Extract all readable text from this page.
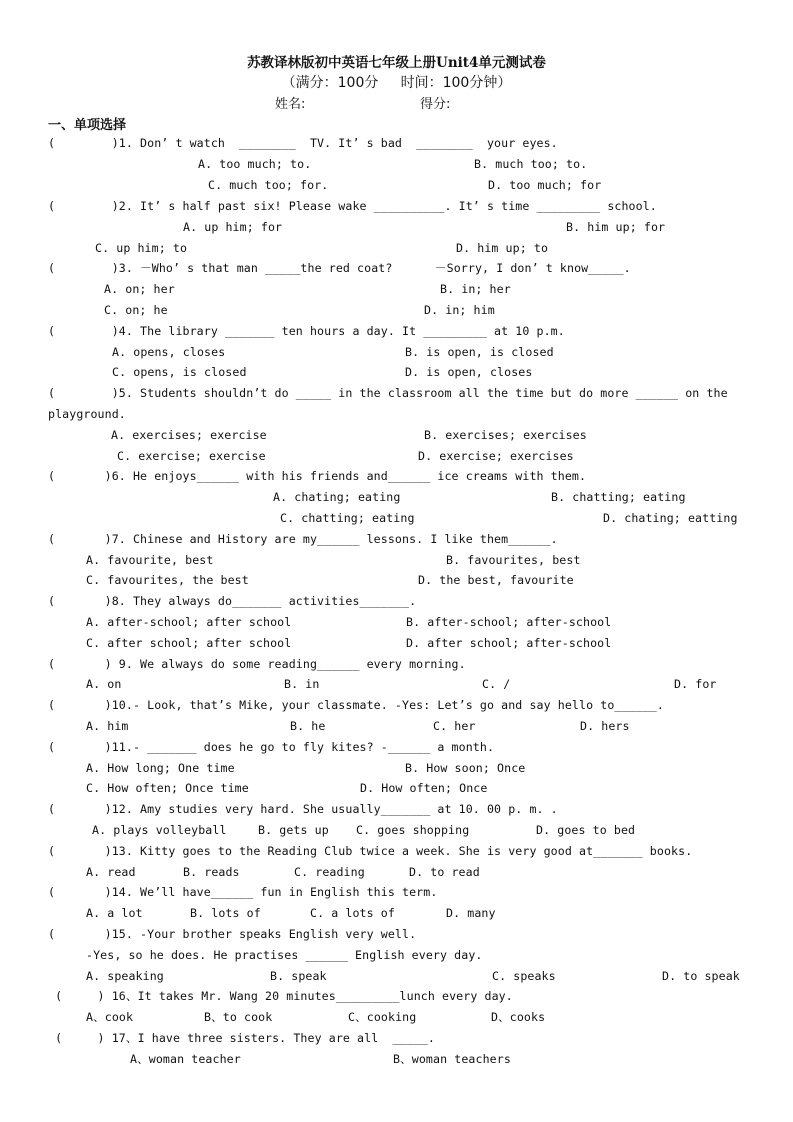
苏教译林版初中英语七年级上册Unit4单元测试卷
（满分：100分     时间：100分钟）
姓名:	得分:
一、单项选择
(        )1. Don’ t watch  ________  TV. It’ s bad  ________  your eyes.
A. too much; to.	B. much too; to.
C. much too; for.	D. too much; for
(        )2. It’ s half past six! Please wake __________. It’ s time _________ school.
A. up him; for	B. him up; for
C. up him; to	D. him up; to
(        )3. －Who’ s that man _____the red coat?      －Sorry, I don’ t know_____.
A. on; her	B. in; her
C. on; he	D. in; him
(        )4. The library _______ ten hours a day. It _________ at 10 p.m.
A. opens, closes	B. is open, is closed
C. opens, is closed	D. is open, closes
(        )5. Students shouldn’t do _____ in the classroom all the time but do more ______ on the
playground.
A. exercises; exercise	B. exercises; exercises
C. exercise; exercise	D. exercise; exercises
(       )6. He enjoys______ with his friends and______ ice creams with them.
A. chating; eating	B. chatting; eating
C. chatting; eating	D. chating; eatting
(       )7. Chinese and History are my______ lessons. I like them______.
A. favourite, best	B. favourites, best
C. favourites, the best	D. the best, favourite
(       )8. They always do_______ activities_______.
A. after-school; after school	B. after-school; after-school
C. after school; after school	D. after school; after-school
(       ) 9. We always do some reading______ every morning.
A. on	B. in	C. /	D. for
(       )10.- Look, that’s Mike, your classmate. -Yes: Let’s go and say hello to______.
A. him	B. he	C. her	D. hers
(       )11.- _______ does he go to fly kites? -______ a month.
A. How long; One time	B. How soon; Once
C. How often; Once time	D. How often; Once
(       )12. Amy studies very hard. She usually_______ at 10. 00 p. m. .
A. plays volleyball	B. gets up C. goes shopping	D. goes to bed
(       )13. Kitty goes to the Reading Club twice a week. She is very good at_______ books.
A. read	B. reads	C. reading	D. to read
(       )14. We’ll have______ fun in English this term.
A. a lot	B. lots of	C. a lots of	D. many
(       )15. -Your brother speaks English very well.
-Yes, so he does. He practises ______ English every day.
A. speaking	B. speak	C. speaks	D. to speak
(     ) 16、It takes Mr. Wang 20 minutes_________lunch every day.
A、cook	B、to cook	C、cooking	D、cooks
(     ) 17、I have three sisters. They are all  _____.
A、woman teacher	B、woman teachers
